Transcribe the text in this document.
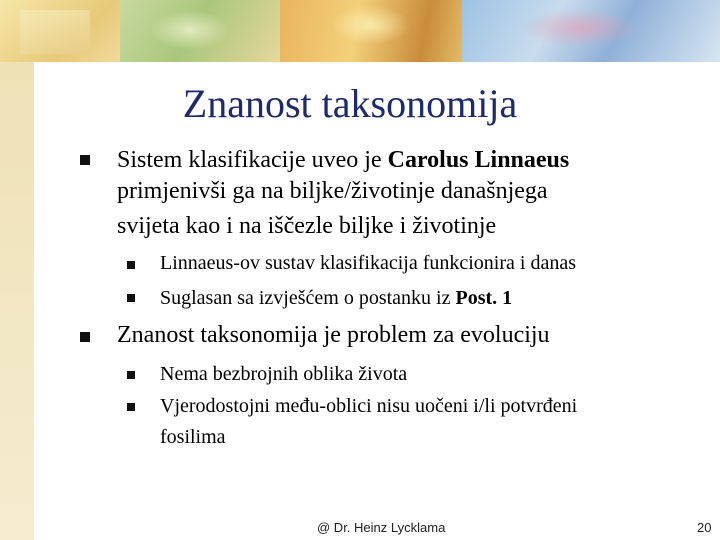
Znanost taksonomija
Sistem klasifikacije uveo je Carolus Linnaeus
primjenivši ga na biljke/životinje današnjega
svijeta kao i na iščezle biljke i životinje
Linnaeus-ov sustav klasifikacija funkcionira i danas
Suglasan sa izvješćem o postanku iz Post. 1
Znanost taksonomija je problem za evoluciju
Nema bezbrojnih oblika života
Vjerodostojni među-oblici nisu uočeni i/li potvrđeni
fosilima
@ Dr. Heinz Lycklama	20
